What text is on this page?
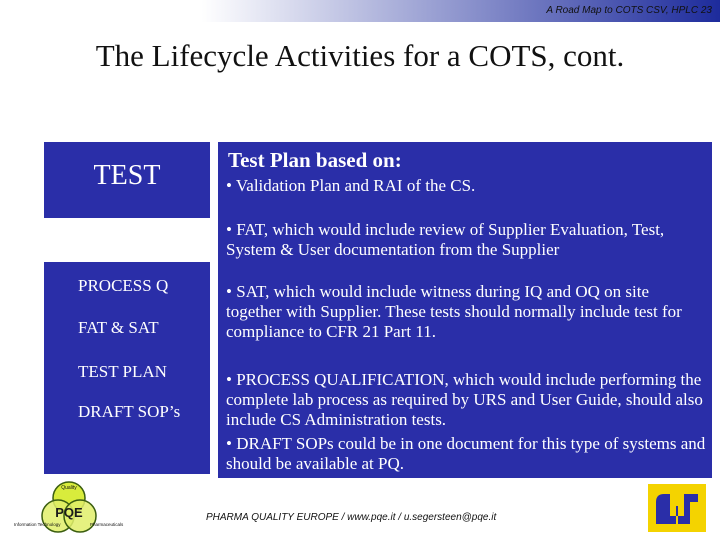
A Road Map to COTS CSV, HPLC 23
The Lifecycle Activities for a COTS, cont.
TEST	Test Plan based on:
• Validation Plan and RAI of the CS.
• FAT, which would include review of Supplier Evaluation, Test, System & User documentation from the Supplier
• SAT, which would include witness during IQ and OQ on site together with Supplier. These tests should normally include test for compliance to CFR 21 Part 11.
• PROCESS QUALIFICATION, which would include performing the complete lab process as required by URS and User Guide, should also include CS Administration tests.
• DRAFT SOPs could be in one document for this type of systems and should be available at PQ.
PROCESS Q
FAT & SAT
TEST PLAN
DRAFT SOP’s
Quality
PQE
Information Technology	Pharmaceuticals
PHARMA QUALITY EUROPE / www.pqe.it / u.segersteen@pqe.it
